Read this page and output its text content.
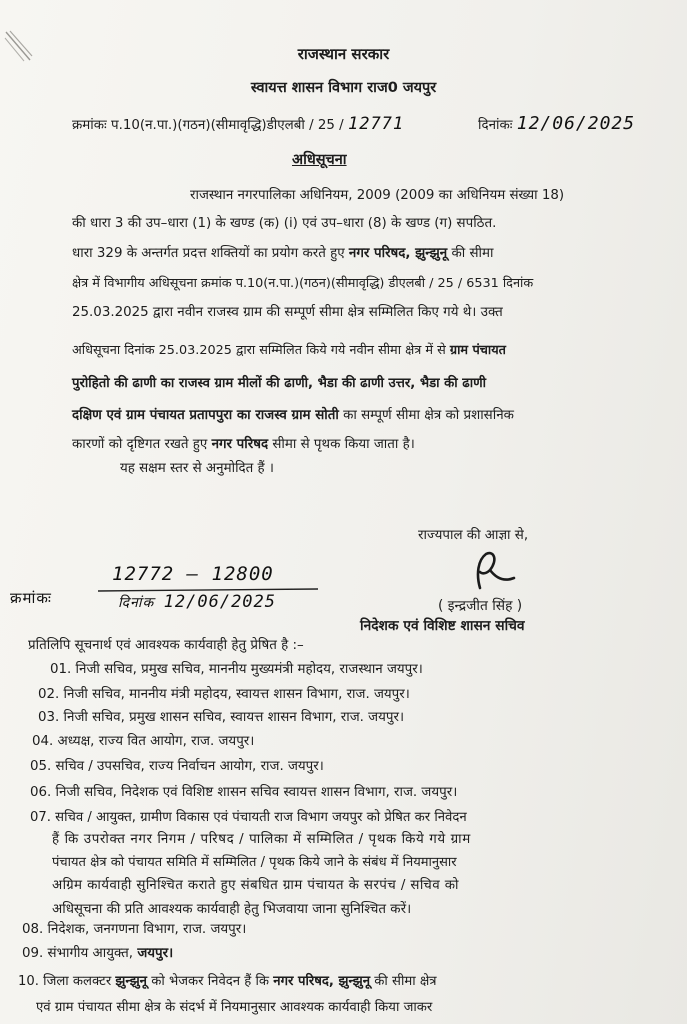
राजस्थान सरकार
स्वायत्त शासन विभाग राज0 जयपुर
क्रमांकः प.10(न.पा.)(गठन)(सीमावृद्धि)डीएलबी / 25 / 12771	दिनांकः 12/06/2025
अधिसूचना
राजस्थान नगरपालिका अधिनियम, 2009 (2009 का अधिनियम संख्या 18)
की धारा 3 की उप–धारा (1) के खण्ड (क) (i) एवं उप–धारा (8) के खण्ड (ग) सपठित.
धारा 329 के अन्तर्गत प्रदत्त शक्तियों का प्रयोग करते हुए नगर परिषद, झुन्झुनू की सीमा
क्षेत्र में विभागीय अधिसूचना क्रमांक प.10(न.पा.)(गठन)(सीमावृद्धि) डीएलबी / 25 / 6531 दिनांक
25.03.2025 द्वारा नवीन राजस्व ग्राम की सम्पूर्ण सीमा क्षेत्र सम्मिलित किए गये थे। उक्त
अधिसूचना दिनांक 25.03.2025 द्वारा सम्मिलित किये गये नवीन सीमा क्षेत्र में से ग्राम पंचायत
पुरोहितो की ढाणी का राजस्व ग्राम मीलों की ढाणी, भैडा की ढाणी उत्तर, भैडा की ढाणी
दक्षिण एवं ग्राम पंचायत प्रतापपुरा का राजस्व ग्राम सोती का सम्पूर्ण सीमा क्षेत्र को प्रशासनिक
कारणों को दृष्टिगत रखते हुए नगर परिषद सीमा से पृथक किया जाता है।
यह सक्षम स्तर से अनुमोदित हैं ।
राज्यपाल की आज्ञा से,
12772 – 12800
क्रमांकः	दिनांक 12/06/2025	( इन्द्रजीत सिंह )
निदेशक एवं विशिष्ट शासन सचिव
प्रतिलिपि सूचनार्थ एवं आवश्यक कार्यवाही हेतु प्रेषित है :–
01. निजी सचिव, प्रमुख सचिव, माननीय मुख्यमंत्री महोदय, राजस्थान जयपुर।
02. निजी सचिव, माननीय मंत्री महोदय, स्वायत्त शासन विभाग, राज. जयपुर।
03. निजी सचिव, प्रमुख शासन सचिव, स्वायत्त शासन विभाग, राज. जयपुर।
04. अध्यक्ष, राज्य वित आयोग, राज. जयपुर।
05. सचिव / उपसचिव, राज्य निर्वाचन आयोग, राज. जयपुर।
06. निजी सचिव, निदेशक एवं विशिष्ट शासन सचिव स्वायत्त शासन विभाग, राज. जयपुर।
07. सचिव / आयुक्त, ग्रामीण विकास एवं पंचायती राज विभाग जयपुर को प्रेषित कर निवेदन
हैं कि उपरोक्त नगर निगम / परिषद / पालिका में सम्मिलित / पृथक किये गये ग्राम
पंचायत क्षेत्र को पंचायत समिति में सम्मिलित / पृथक किये जाने के संबंध में नियमानुसार
अग्रिम कार्यवाही सुनिश्चित कराते हुए संबधित ग्राम पंचायत के सरपंच / सचिव को
अधिसूचना की प्रति आवश्यक कार्यवाही हेतु भिजवाया जाना सुनिश्चित करें।
08. निदेशक, जनगणना विभाग, राज. जयपुर।
09. संभागीय आयुक्त, जयपुर।
10. जिला कलक्टर झुन्झुनू को भेजकर निवेदन हैं कि नगर परिषद, झुन्झुनू की सीमा क्षेत्र
एवं ग्राम पंचायत सीमा क्षेत्र के संदर्भ में नियमानुसार आवश्यक कार्यवाही किया जाकर
